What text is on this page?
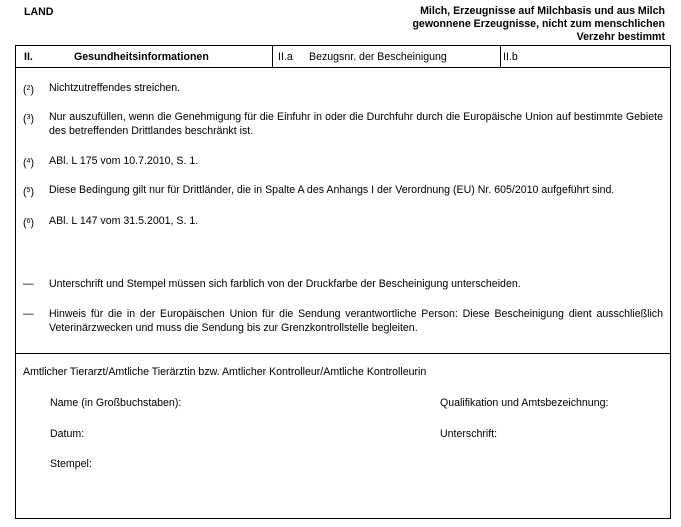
LAND	Milch, Erzeugnisse auf Milchbasis und aus Milch
gewonnene Erzeugnisse, nicht zum menschlichen
Verzehr bestimmt
II.	Gesundheitsinformationen	II.a	Bezugsnr. der Bescheinigung	II.b
($^2$) Nichtzutreffendes streichen.
($^3$) Nur auszufüllen, wenn die Genehmigung für die Einfuhr in oder die Durchfuhr durch die Europäische Union auf bestimmte Gebiete des betreffenden Drittlandes beschränkt ist.
($^4$) ABl. L 175 vom 10.7.2010, S. 1.
($^5$) Diese Bedingung gilt nur für Drittländer, die in Spalte A des Anhangs I der Verordnung (EU) Nr. 605/2010 aufgeführt sind.
($^6$) ABl. L 147 vom 31.5.2001, S. 1.
— Unterschrift und Stempel müssen sich farblich von der Druckfarbe der Bescheinigung unterscheiden.
— Hinweis für die in der Europäischen Union für die Sendung verantwortliche Person: Diese Bescheinigung dient ausschließlich Veterinärzwecken und muss die Sendung bis zur Grenzkontrollstelle begleiten.
Amtlicher Tierarzt/Amtliche Tierärztin bzw. Amtlicher Kontrolleur/Amtliche Kontrolleurin
Name (in Großbuchstaben):	Qualifikation und Amtsbezeichnung:
Datum:	Unterschrift:
Stempel:
